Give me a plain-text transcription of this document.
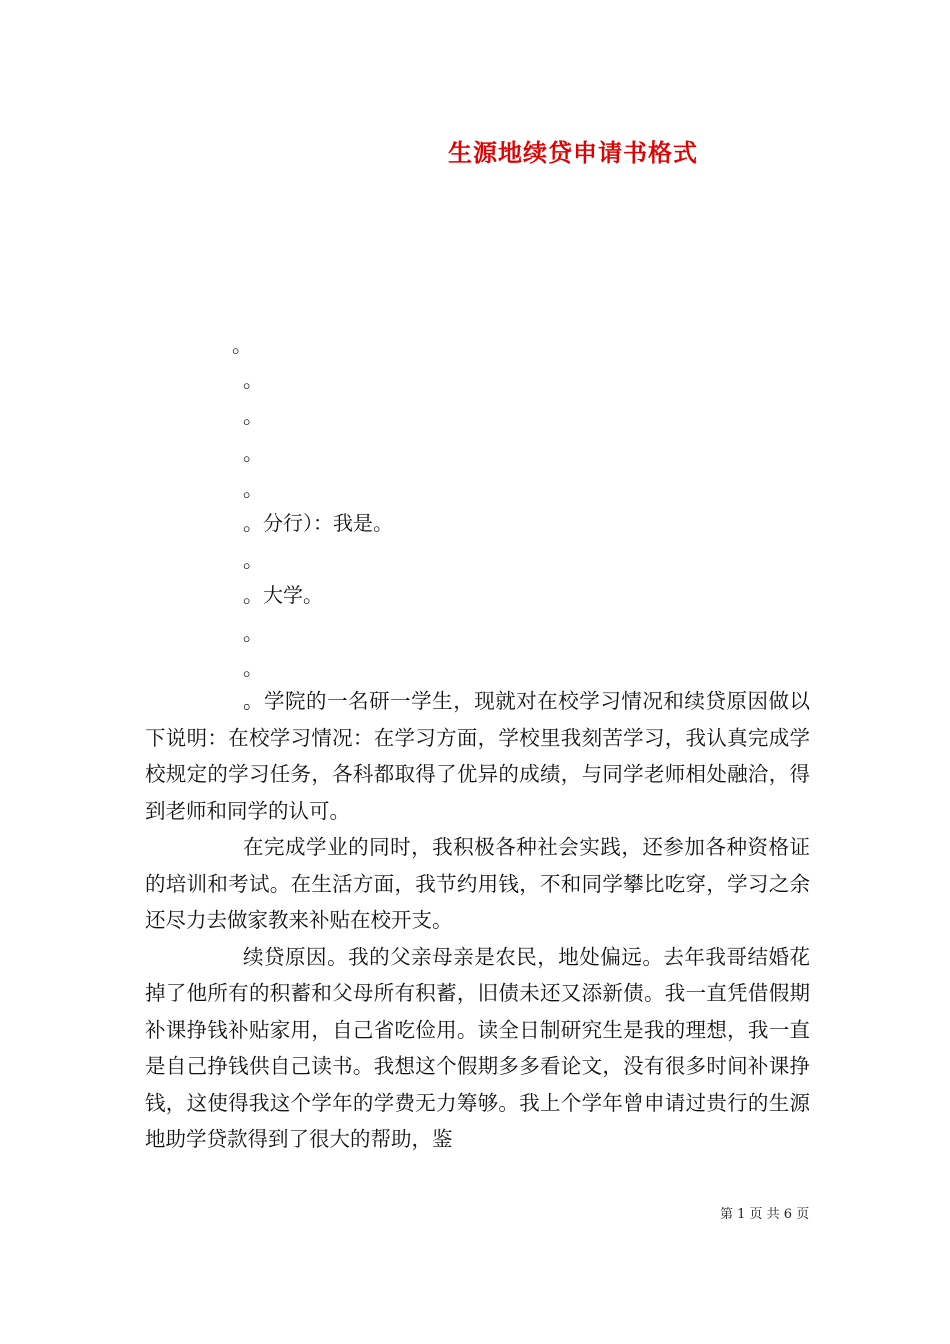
生源地续贷申请书格式
。
。
。
。
。
。分行）：我是。
。
。大学。
。
。

。学院的一名研一学生，现就对在校学习情况和续贷原因做以下说明：在校学习情况：在学习方面，学校里我刻苦学习，我认真完成学校规定的学习任务，各科都取得了优异的成绩，与同学老师相处融洽，得到老师和同学的认可。

在完成学业的同时，我积极各种社会实践，还参加各种资格证的培训和考试。在生活方面，我节约用钱，不和同学攀比吃穿，学习之余还尽力去做家教来补贴在校开支。

续贷原因。我的父亲母亲是农民，地处偏远。去年我哥结婚花掉了他所有的积蓄和父母所有积蓄，旧债未还又添新债。我一直凭借假期补课挣钱补贴家用，自己省吃俭用。读全日制研究生是我的理想，我一直是自己挣钱供自己读书。我想这个假期多多看论文，没有很多时间补课挣钱，这使得我这个学年的学费无力筹够。我上个学年曾申请过贵行的生源地助学贷款得到了很大的帮助，鉴

第 1 页 共 6 页
